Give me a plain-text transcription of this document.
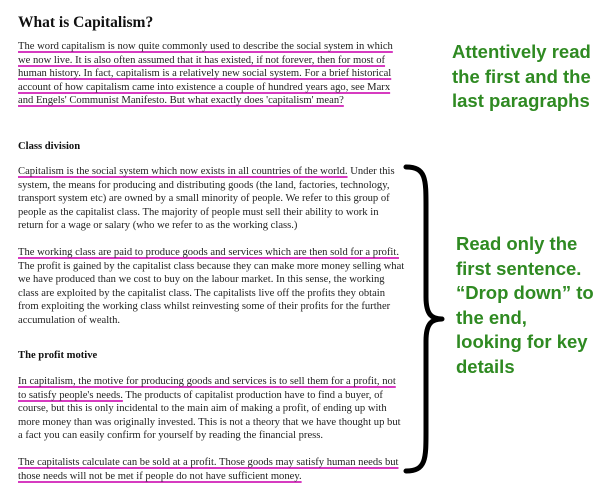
What is Capitalism?

The word capitalism is now quite commonly used to describe the social system in which we now live. It is also often assumed that it has existed, if not forever, then for most of human history. In fact, capitalism is a relatively new social system. For a brief historical account of how capitalism came into existence a couple of hundred years ago, see Marx and Engels' Communist Manifesto. But what exactly does 'capitalism' mean?

Class division

Capitalism is the social system which now exists in all countries of the world. Under this system, the means for producing and distributing goods (the land, factories, technology, transport system etc) are owned by a small minority of people. We refer to this group of people as the capitalist class. The majority of people must sell their ability to work in return for a wage or salary (who we refer to as the working class.)

The working class are paid to produce goods and services which are then sold for a profit. The profit is gained by the capitalist class because they can make more money selling what we have produced than we cost to buy on the labour market. In this sense, the working class are exploited by the capitalist class. The capitalists live off the profits they obtain from exploiting the working class whilst reinvesting some of their profits for the further accumulation of wealth.

The profit motive

In capitalism, the motive for producing goods and services is to sell them for a profit, not to satisfy people's needs. The products of capitalist production have to find a buyer, of course, but this is only incidental to the main aim of making a profit, of ending up with more money than was originally invested. This is not a theory that we have thought up but a fact you can easily confirm for yourself by reading the financial press.

The capitalists calculate can be sold at a profit. Those goods may satisfy human needs but those needs will not be met if people do not have sufficient money.

Attentively read the first and the last paragraphs
Read only the first sentence. “Drop down” to the end, looking for key details
